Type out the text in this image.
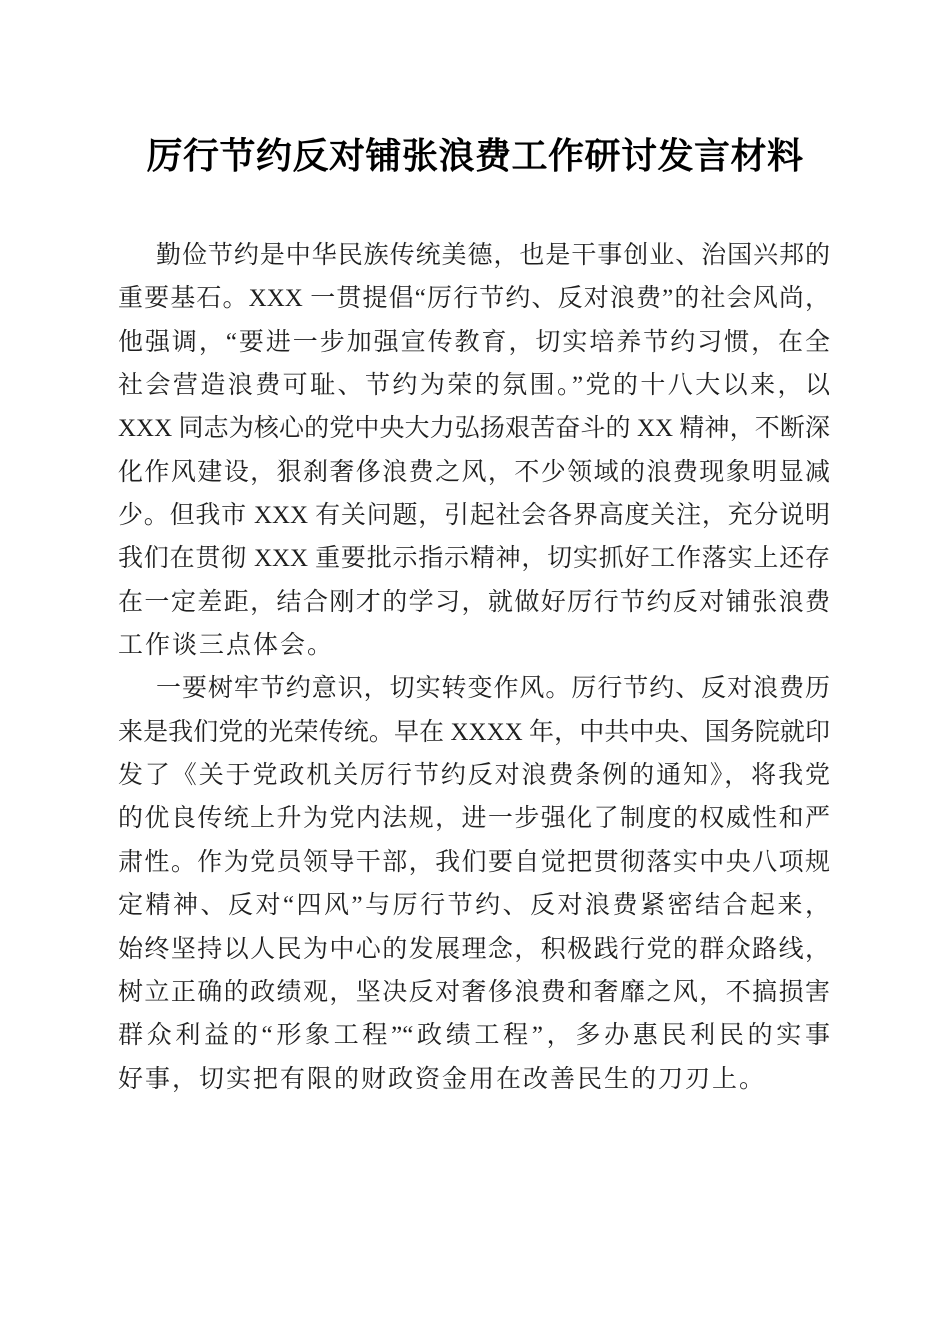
厉行节约反对铺张浪费工作研讨发言材料
勤俭节约是中华民族传统美德，也是干事创业、治国兴邦的
重要基石。XXX 一贯提倡“厉行节约、反对浪费”的社会风尚，
他强调，“要进一步加强宣传教育，切实培养节约习惯，在全
社会营造浪费可耻、节约为荣的氛围。”党的十八大以来，以
XXX 同志为核心的党中央大力弘扬艰苦奋斗的 XX 精神，不断深
化作风建设，狠刹奢侈浪费之风，不少领域的浪费现象明显减
少。但我市 XXX 有关问题，引起社会各界高度关注，充分说明
我们在贯彻 XXX 重要批示指示精神，切实抓好工作落实上还存
在一定差距，结合刚才的学习，就做好厉行节约反对铺张浪费
工作谈三点体会。
一要树牢节约意识，切实转变作风。厉行节约、反对浪费历
来是我们党的光荣传统。早在 XXXX 年，中共中央、国务院就印
发了《关于党政机关厉行节约反对浪费条例的通知》，将我党
的优良传统上升为党内法规，进一步强化了制度的权威性和严
肃性。作为党员领导干部，我们要自觉把贯彻落实中央八项规
定精神、反对“四风”与厉行节约、反对浪费紧密结合起来，
始终坚持以人民为中心的发展理念，积极践行党的群众路线，
树立正确的政绩观，坚决反对奢侈浪费和奢靡之风，不搞损害
群众利益的“形象工程”“政绩工程”，多办惠民利民的实事
好事，切实把有限的财政资金用在改善民生的刀刃上。
